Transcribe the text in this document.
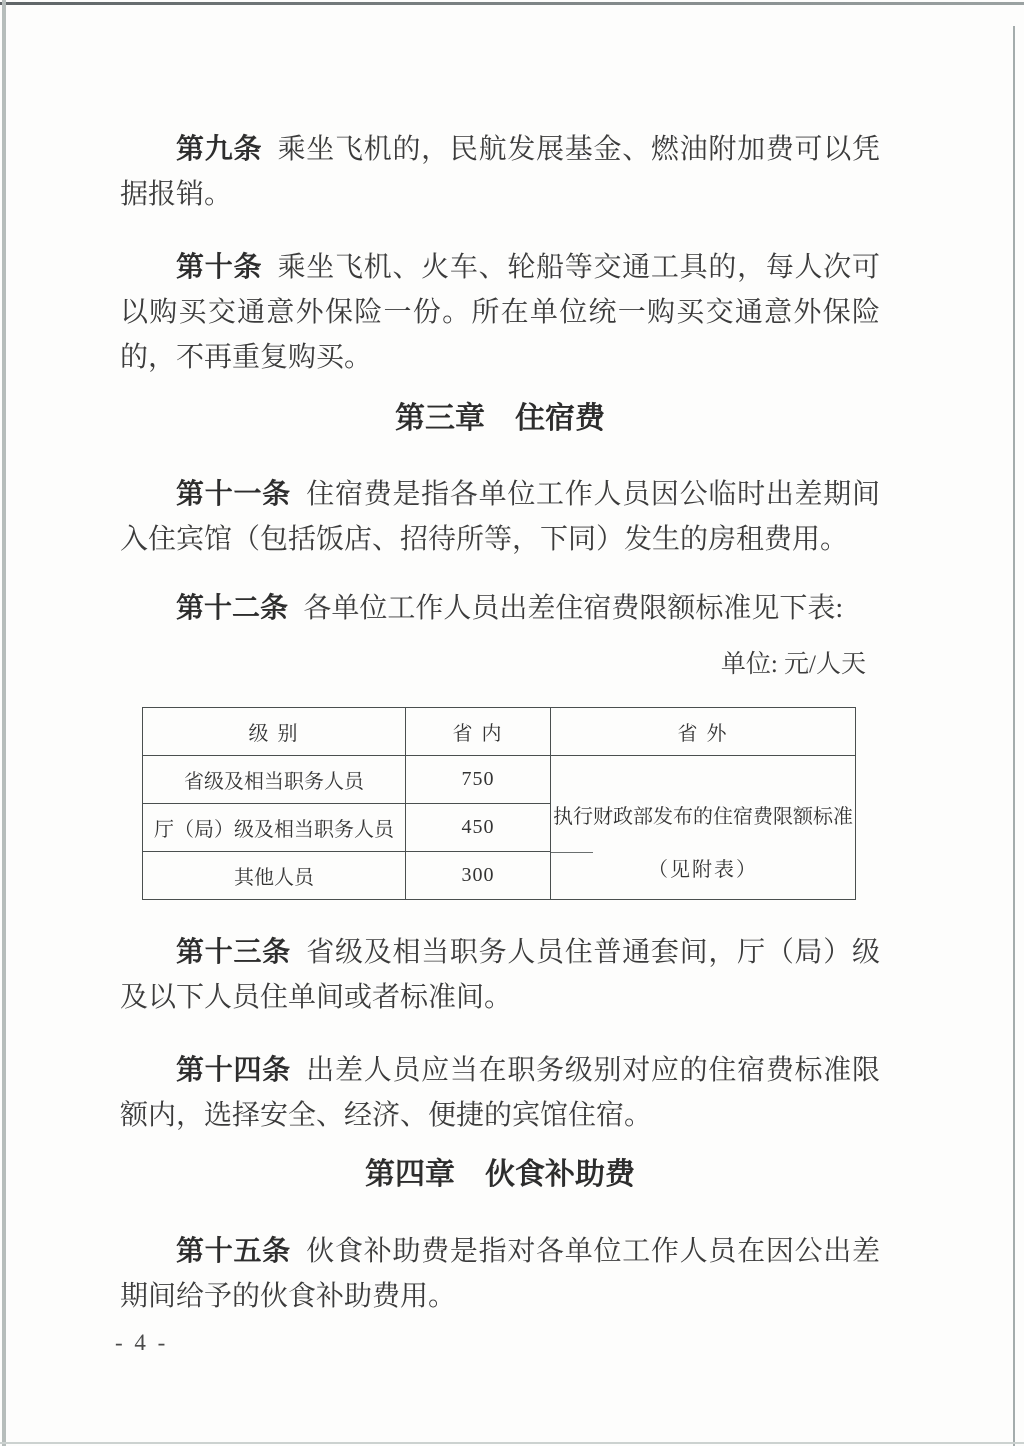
第九条 乘坐飞机的，民航发展基金、燃油附加费可以凭据报销。

第十条 乘坐飞机、火车、轮船等交通工具的，每人次可以购买交通意外保险一份。所在单位统一购买交通意外保险的，不再重复购买。

第三章 住宿费

第十一条 住宿费是指各单位工作人员因公临时出差期间入住宾馆（包括饭店、招待所等，下同）发生的房租费用。

第十二条 各单位工作人员出差住宿费限额标准见下表:

单位: 元/人天
级 别	省 内	省 外
省级及相当职务人员	750	执行财政部发布的住宿费限额标准
（见附表）

厅（局）级及相当职务人员	450	
其他人员	300	

第十三条 省级及相当职务人员住普通套间，厅（局）级及以下人员住单间或者标准间。

第十四条 出差人员应当在职务级别对应的住宿费标准限额内，选择安全、经济、便捷的宾馆住宿。

第四章 伙食补助费

第十五条 伙食补助费是指对各单位工作人员在因公出差期间给予的伙食补助费用。

- 4 -
